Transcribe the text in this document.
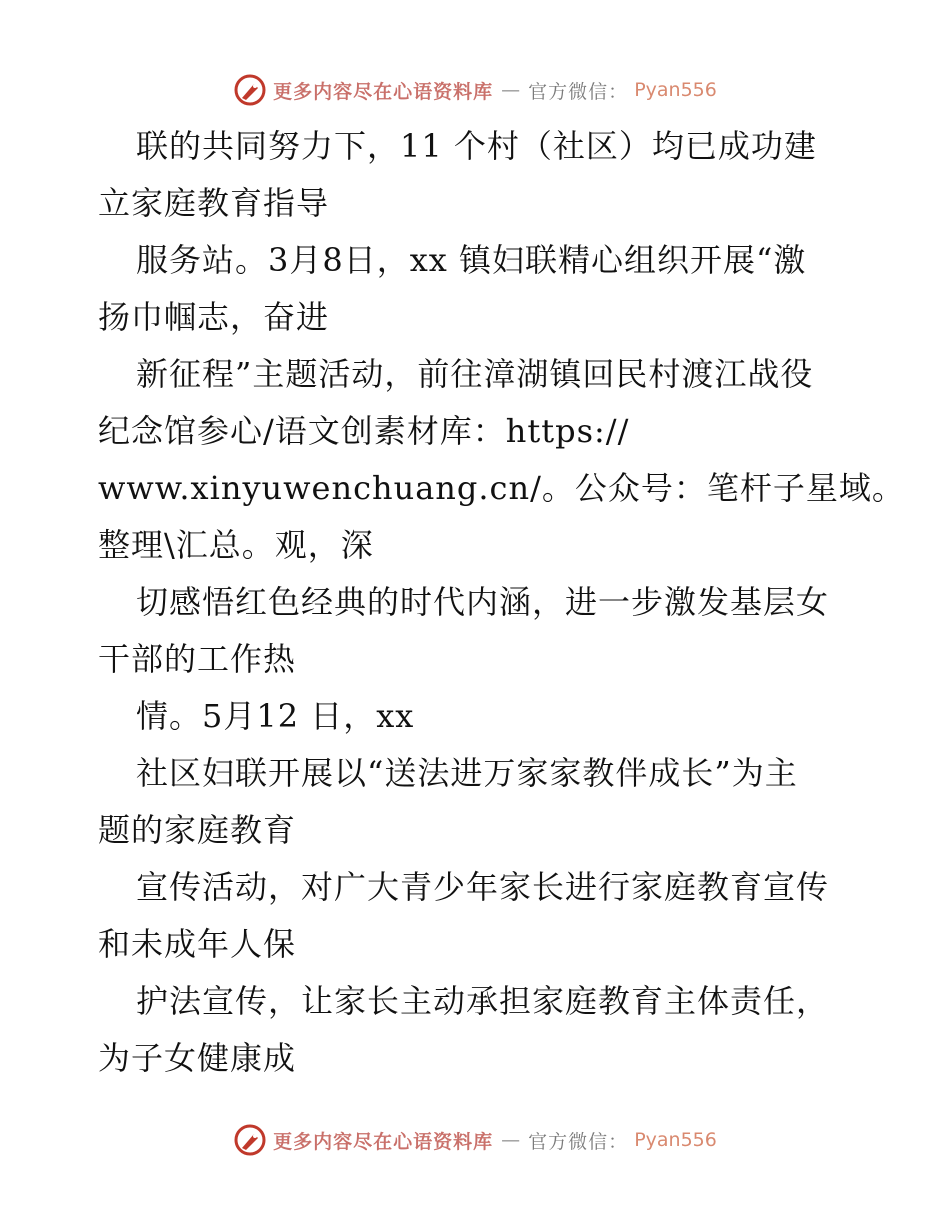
更多内容尽在心语资料库 — 官方微信： Pyan556
联的共同努力下，11 个村（社区）均已成功建
立家庭教育指导
服务站。3月8日，xx 镇妇联精心组织开展“激
扬巾帼志，奋进
新征程”主题活动，前往漳湖镇回民村渡江战役
纪念馆参心/语文创素材库：https://
www.xinyuwenchuang.cn/。公众号：笔杆子星域。
整理\汇总。观，深
切感悟红色经典的时代内涵，进一步激发基层女
干部的工作热
情。5月12 日，xx
社区妇联开展以“送法进万家家教伴成长”为主
题的家庭教育
宣传活动，对广大青少年家长进行家庭教育宣传
和未成年人保
护法宣传，让家长主动承担家庭教育主体责任，
为子女健康成
更多内容尽在心语资料库 — 官方微信： Pyan556
